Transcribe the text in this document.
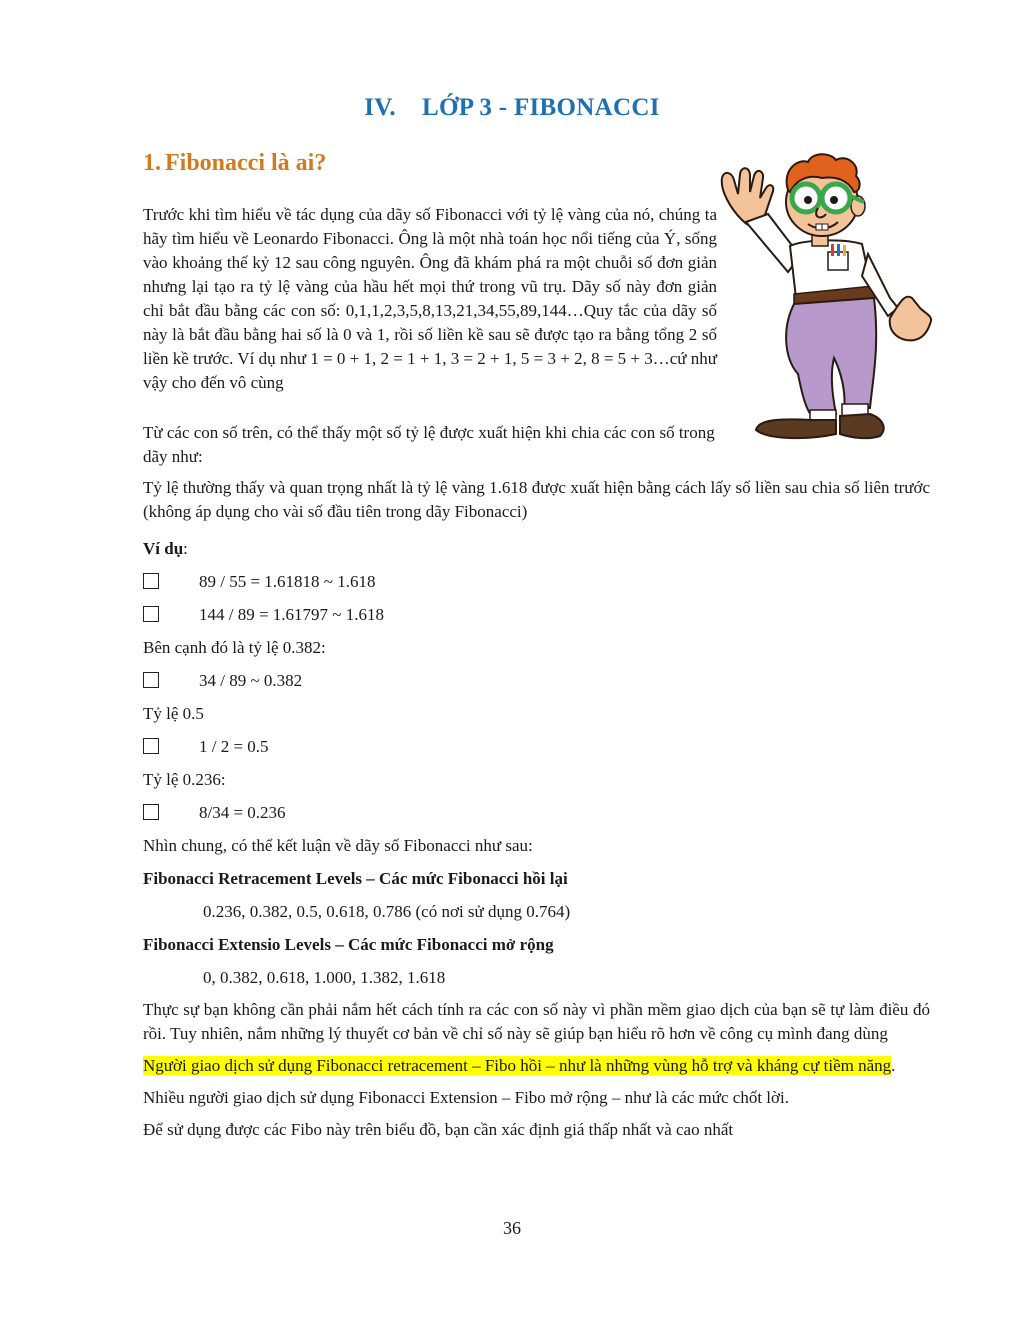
IV. LỚP 3 - FIBONACCI
1. Fibonacci là ai?

Trước khi tìm hiểu về tác dụng của dãy số Fibonacci với tỷ lệ vàng của nó, chúng ta hãy tìm hiểu về Leonardo Fibonacci. Ông là một nhà toán học nổi tiếng của Ý, sống vào khoảng thế kỷ 12 sau công nguyên. Ông đã khám phá ra một chuỗi số đơn giản nhưng lại tạo ra tỷ lệ vàng của hầu hết mọi thứ trong vũ trụ. Dãy số này đơn giản chỉ bắt đầu bằng các con số: 0,1,1,2,3,5,8,13,21,34,55,89,144…Quy tắc của dãy số này là bắt đầu bằng hai số là 0 và 1, rồi số liền kề sau sẽ được tạo ra bằng tổng 2 số liền kề trước. Ví dụ như 1 = 0 + 1, 2 = 1 + 1, 3 = 2 + 1, 5 = 3 + 2, 8 = 5 + 3…cứ như vậy cho đến vô cùng

Từ các con số trên, có thể thấy một số tỷ lệ được xuất hiện khi chia các con số trong dãy như:

Tỷ lệ thường thấy và quan trọng nhất là tỷ lệ vàng 1.618 được xuất hiện bằng cách lấy số liền sau chia số liên trước (không áp dụng cho vài số đầu tiên trong dãy Fibonacci)

Ví dụ:
89 / 55 = 1.61818 ~ 1.618
144 / 89 = 1.61797 ~ 1.618
Bên cạnh đó là tỷ lệ 0.382:
34 / 89 ~ 0.382
Tỷ lệ 0.5
1 / 2 = 0.5
Tỷ lệ 0.236:
8/34 = 0.236
Nhìn chung, có thể kết luận về dãy số Fibonacci như sau:
Fibonacci Retracement Levels – Các mức Fibonacci hồi lại
0.236, 0.382, 0.5, 0.618, 0.786 (có nơi sử dụng 0.764)
Fibonacci Extensio Levels – Các mức Fibonacci mở rộng
0, 0.382, 0.618, 1.000, 1.382, 1.618

Thực sự bạn không cần phải nắm hết cách tính ra các con số này vì phần mềm giao dịch của bạn sẽ tự làm điều đó rồi. Tuy nhiên, nắm những lý thuyết cơ bản về chỉ số này sẽ giúp bạn hiểu rõ hơn về công cụ mình đang dùng

Người giao dịch sử dụng Fibonacci retracement – Fibo hồi – như là những vùng hỗ trợ và kháng cự tiềm năng.

Nhiều người giao dịch sử dụng Fibonacci Extension – Fibo mở rộng – như là các mức chốt lời.

Để sử dụng được các Fibo này trên biểu đồ, bạn cần xác định giá thấp nhất và cao nhất

36
